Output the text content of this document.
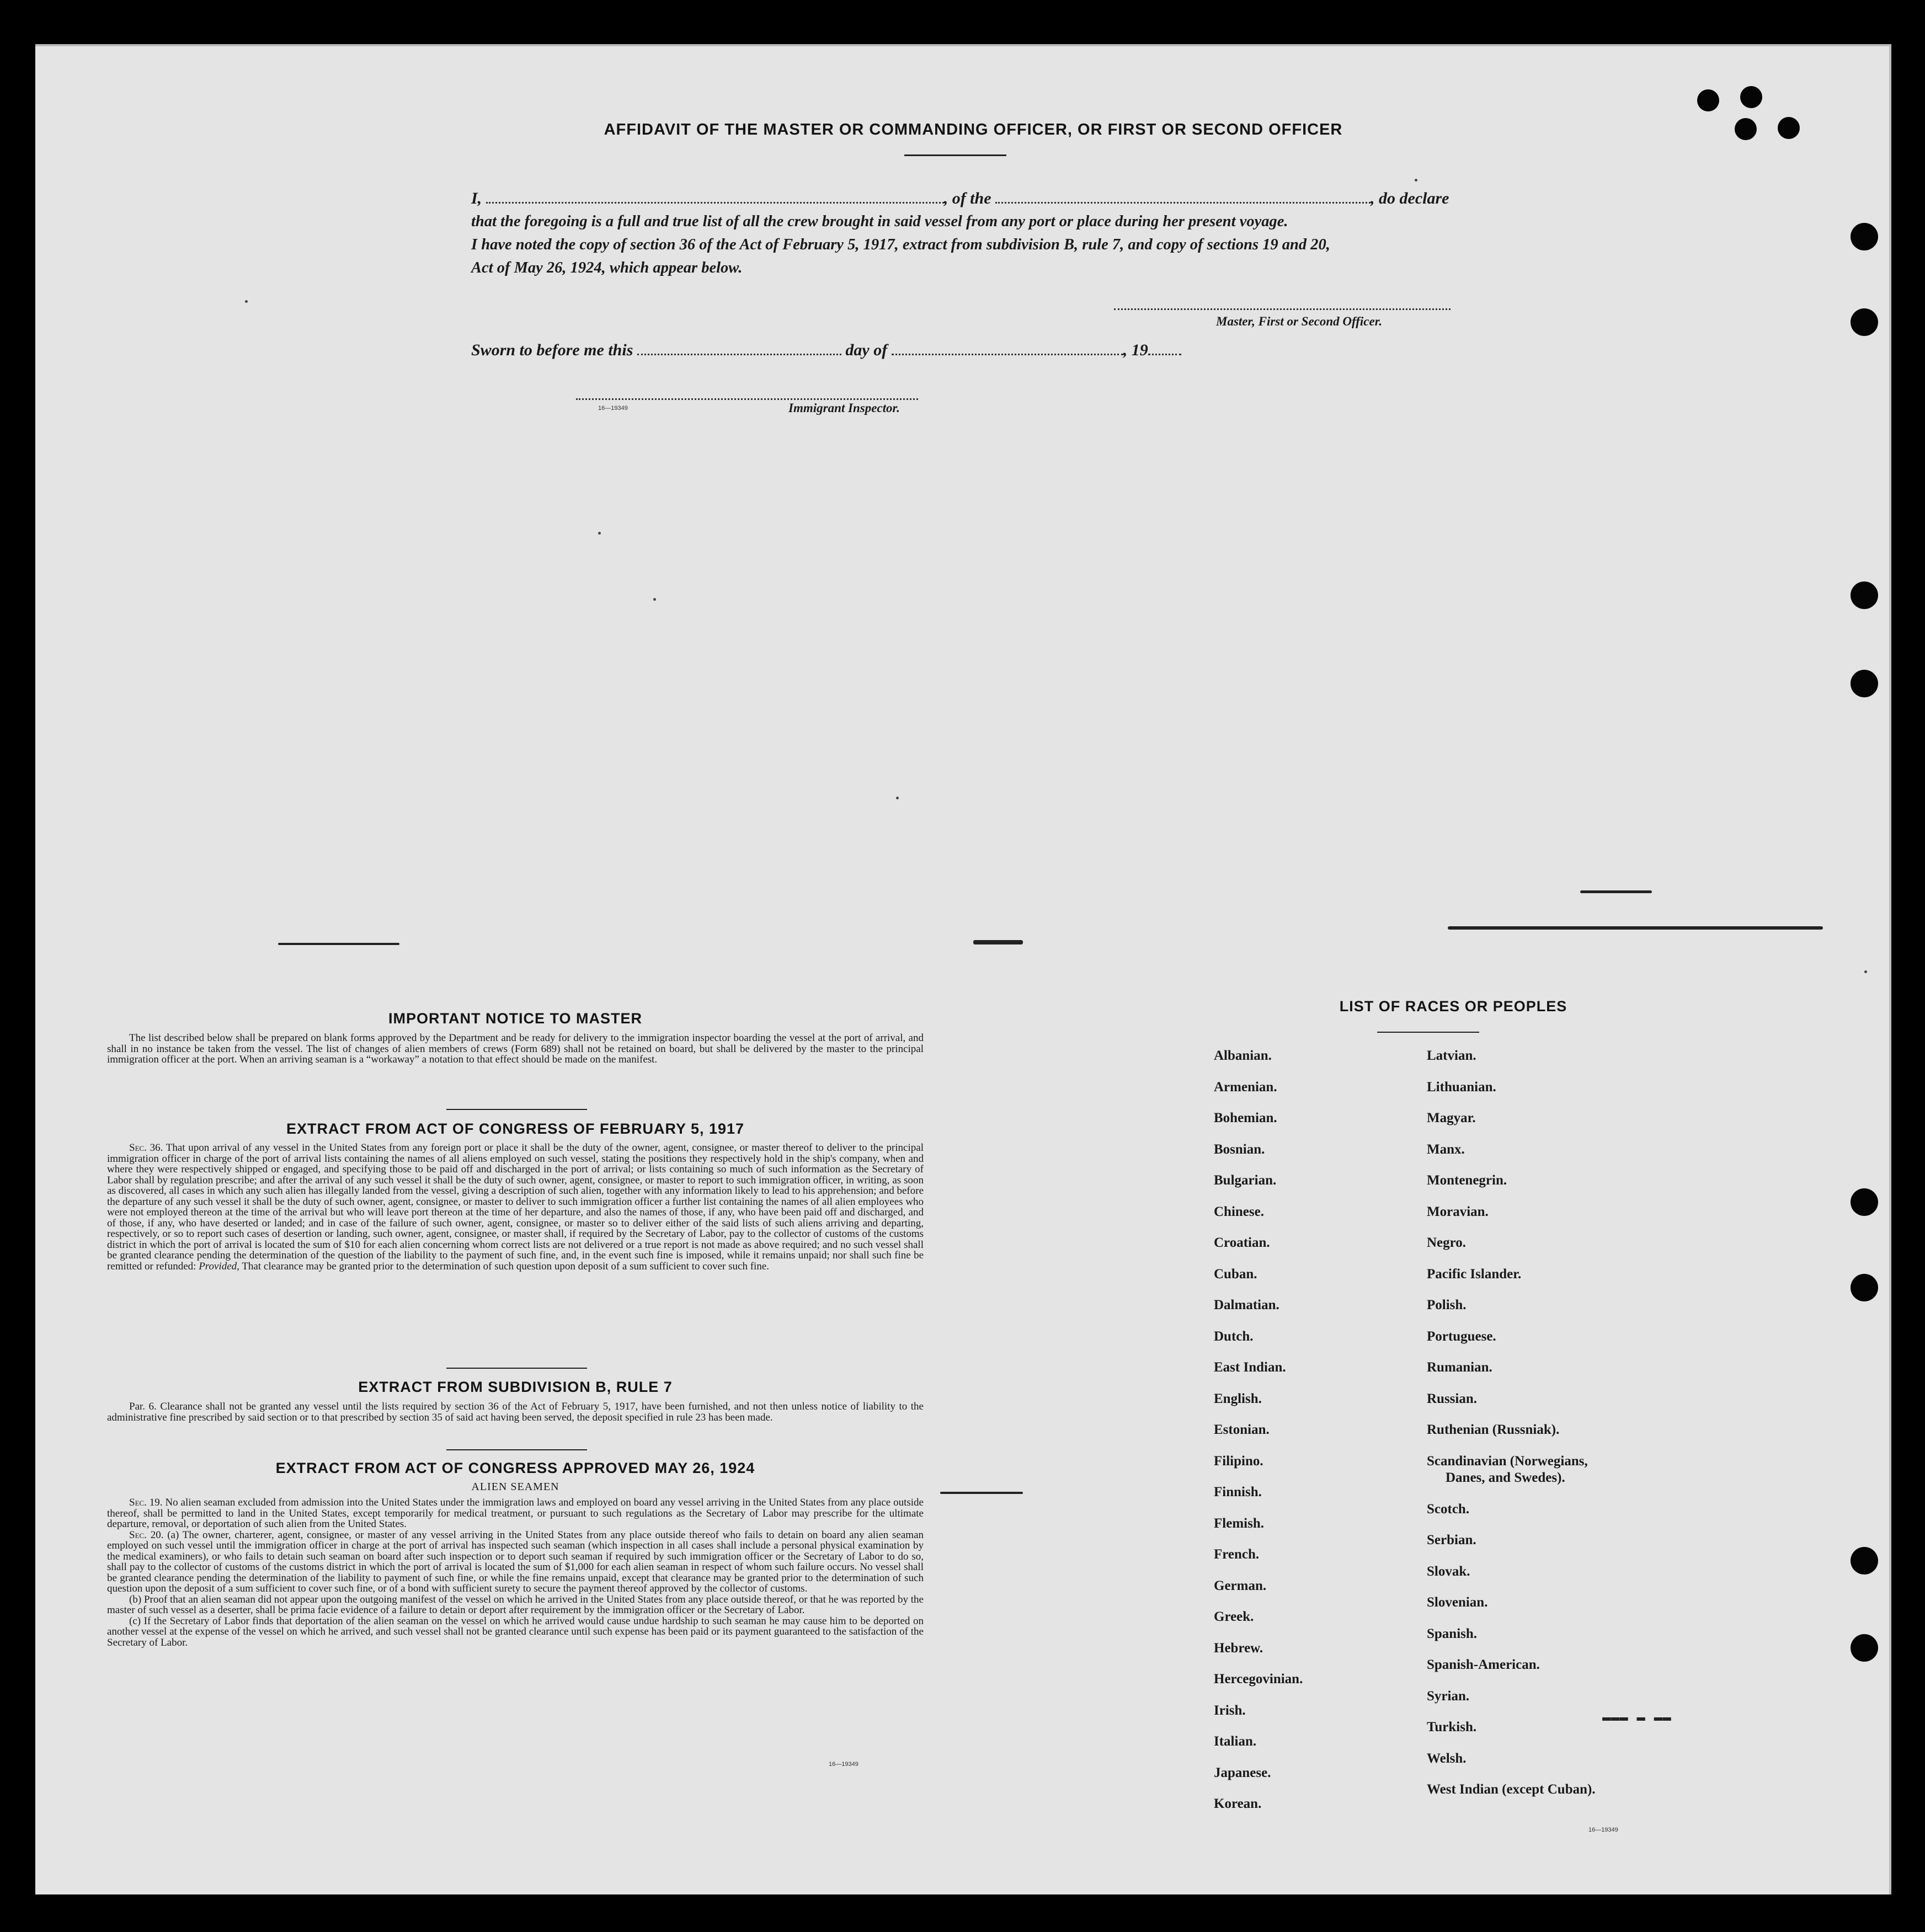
AFFIDAVIT OF THE MASTER OR COMMANDING OFFICER, OR FIRST OR SECOND OFFICER
I,	, of the	, do declare
that the foregoing is a full and true list of all the crew brought in said vessel from any port or place during her present voyage.
I have noted the copy of section 36 of the Act of February 5, 1917, extract from subdivision B, rule 7, and copy of sections 19 and 20,
Act of May 26, 1924, which appear below.
Master, First or Second Officer.
Sworn to before me this	day of	, 19
16—19349	Immigrant Inspector.
IMPORTANT NOTICE TO MASTER

The list described below shall be prepared on blank forms approved by the Department and be ready for delivery to the immigration inspector boarding the vessel at the port of arrival, and shall in no instance be taken from the vessel. The list of changes of alien members of crews (Form 689) shall not be retained on board, but shall be delivered by the master to the principal immigration officer at the port. When an arriving seaman is a “workaway” a notation to that effect should be made on the manifest.

EXTRACT FROM ACT OF CONGRESS OF FEBRUARY 5, 1917

Sec. 36. That upon arrival of any vessel in the United States from any foreign port or place it shall be the duty of the owner, agent, consignee, or master thereof to deliver to the principal immigration officer in charge of the port of arrival lists containing the names of all aliens employed on such vessel, stating the positions they respectively hold in the ship's company, when and where they were respectively shipped or engaged, and specifying those to be paid off and discharged in the port of arrival; or lists containing so much of such information as the Secretary of Labor shall by regulation prescribe; and after the arrival of any such vessel it shall be the duty of such owner, agent, consignee, or master to report to such immigration officer, in writing, as soon as discovered, all cases in which any such alien has illegally landed from the vessel, giving a description of such alien, together with any information likely to lead to his apprehension; and before the departure of any such vessel it shall be the duty of such owner, agent, consignee, or master to deliver to such immigration officer a further list containing the names of all alien employees who were not employed thereon at the time of the arrival but who will leave port thereon at the time of her departure, and also the names of those, if any, who have been paid off and discharged, and of those, if any, who have deserted or landed; and in case of the failure of such owner, agent, consignee, or master so to deliver either of the said lists of such aliens arriving and departing, respectively, or so to report such cases of desertion or landing, such owner, agent, consignee, or master shall, if required by the Secretary of Labor, pay to the collector of customs of the customs district in which the port of arrival is located the sum of $10 for each alien concerning whom correct lists are not delivered or a true report is not made as above required; and no such vessel shall be granted clearance pending the determination of the question of the liability to the payment of such fine, and, in the event such fine is imposed, while it remains unpaid; nor shall such fine be remitted or refunded: Provided, That clearance may be granted prior to the determination of such question upon deposit of a sum sufficient to cover such fine.

EXTRACT FROM SUBDIVISION B, RULE 7

Par. 6. Clearance shall not be granted any vessel until the lists required by section 36 of the Act of February 5, 1917, have been furnished, and not then unless notice of liability to the administrative fine prescribed by said section or to that prescribed by section 35 of said act having been served, the deposit specified in rule 23 has been made.

EXTRACT FROM ACT OF CONGRESS APPROVED MAY 26, 1924
ALIEN SEAMEN

Sec. 19. No alien seaman excluded from admission into the United States under the immigration laws and employed on board any vessel arriving in the United States from any place outside thereof, shall be permitted to land in the United States, except temporarily for medical treatment, or pursuant to such regulations as the Secretary of Labor may prescribe for the ultimate departure, removal, or deportation of such alien from the United States.

Sec. 20. (a) The owner, charterer, agent, consignee, or master of any vessel arriving in the United States from any place outside thereof who fails to detain on board any alien seaman employed on such vessel until the immigration officer in charge at the port of arrival has inspected such seaman (which inspection in all cases shall include a personal physical examination by the medical examiners), or who fails to detain such seaman on board after such inspection or to deport such seaman if required by such immigration officer or the Secretary of Labor to do so, shall pay to the collector of customs of the customs district in which the port of arrival is located the sum of $1,000 for each alien seaman in respect of whom such failure occurs. No vessel shall be granted clearance pending the determination of the liability to payment of such fine, or while the fine remains unpaid, except that clearance may be granted prior to the determination of such question upon the deposit of a sum sufficient to cover such fine, or of a bond with sufficient surety to secure the payment thereof approved by the collector of customs.

(b) Proof that an alien seaman did not appear upon the outgoing manifest of the vessel on which he arrived in the United States from any place outside thereof, or that he was reported by the master of such vessel as a deserter, shall be prima facie evidence of a failure to detain or deport after requirement by the immigration officer or the Secretary of Labor.

(c) If the Secretary of Labor finds that deportation of the alien seaman on the vessel on which he arrived would cause undue hardship to such seaman he may cause him to be deported on another vessel at the expense of the vessel on which he arrived, and such vessel shall not be granted clearance until such expense has been paid or its payment guaranteed to the satisfaction of the Secretary of Labor.

16—19349
LIST OF RACES OR PEOPLES
Albanian.
Armenian.
Bohemian.
Bosnian.
Bulgarian.
Chinese.
Croatian.
Cuban.
Dalmatian.
Dutch.
East Indian.
English.
Estonian.
Filipino.
Finnish.
Flemish.
French.
German.
Greek.
Hebrew.
Hercegovinian.
Irish.
Italian.
Japanese.
Korean.
Latvian.
Lithuanian.
Magyar.
Manx.
Montenegrin.
Moravian.
Negro.
Pacific Islander.
Polish.
Portuguese.
Rumanian.
Russian.
Ruthenian (Russniak).
Scandinavian (Norwegians,
Danes, and Swedes).
Scotch.
Serbian.
Slovak.
Slovenian.
Spanish.
Spanish-American.
Syrian.
Turkish.
Welsh.
West Indian (except Cuban).
16—19349
▬▬▬ ▬ ▬▬
